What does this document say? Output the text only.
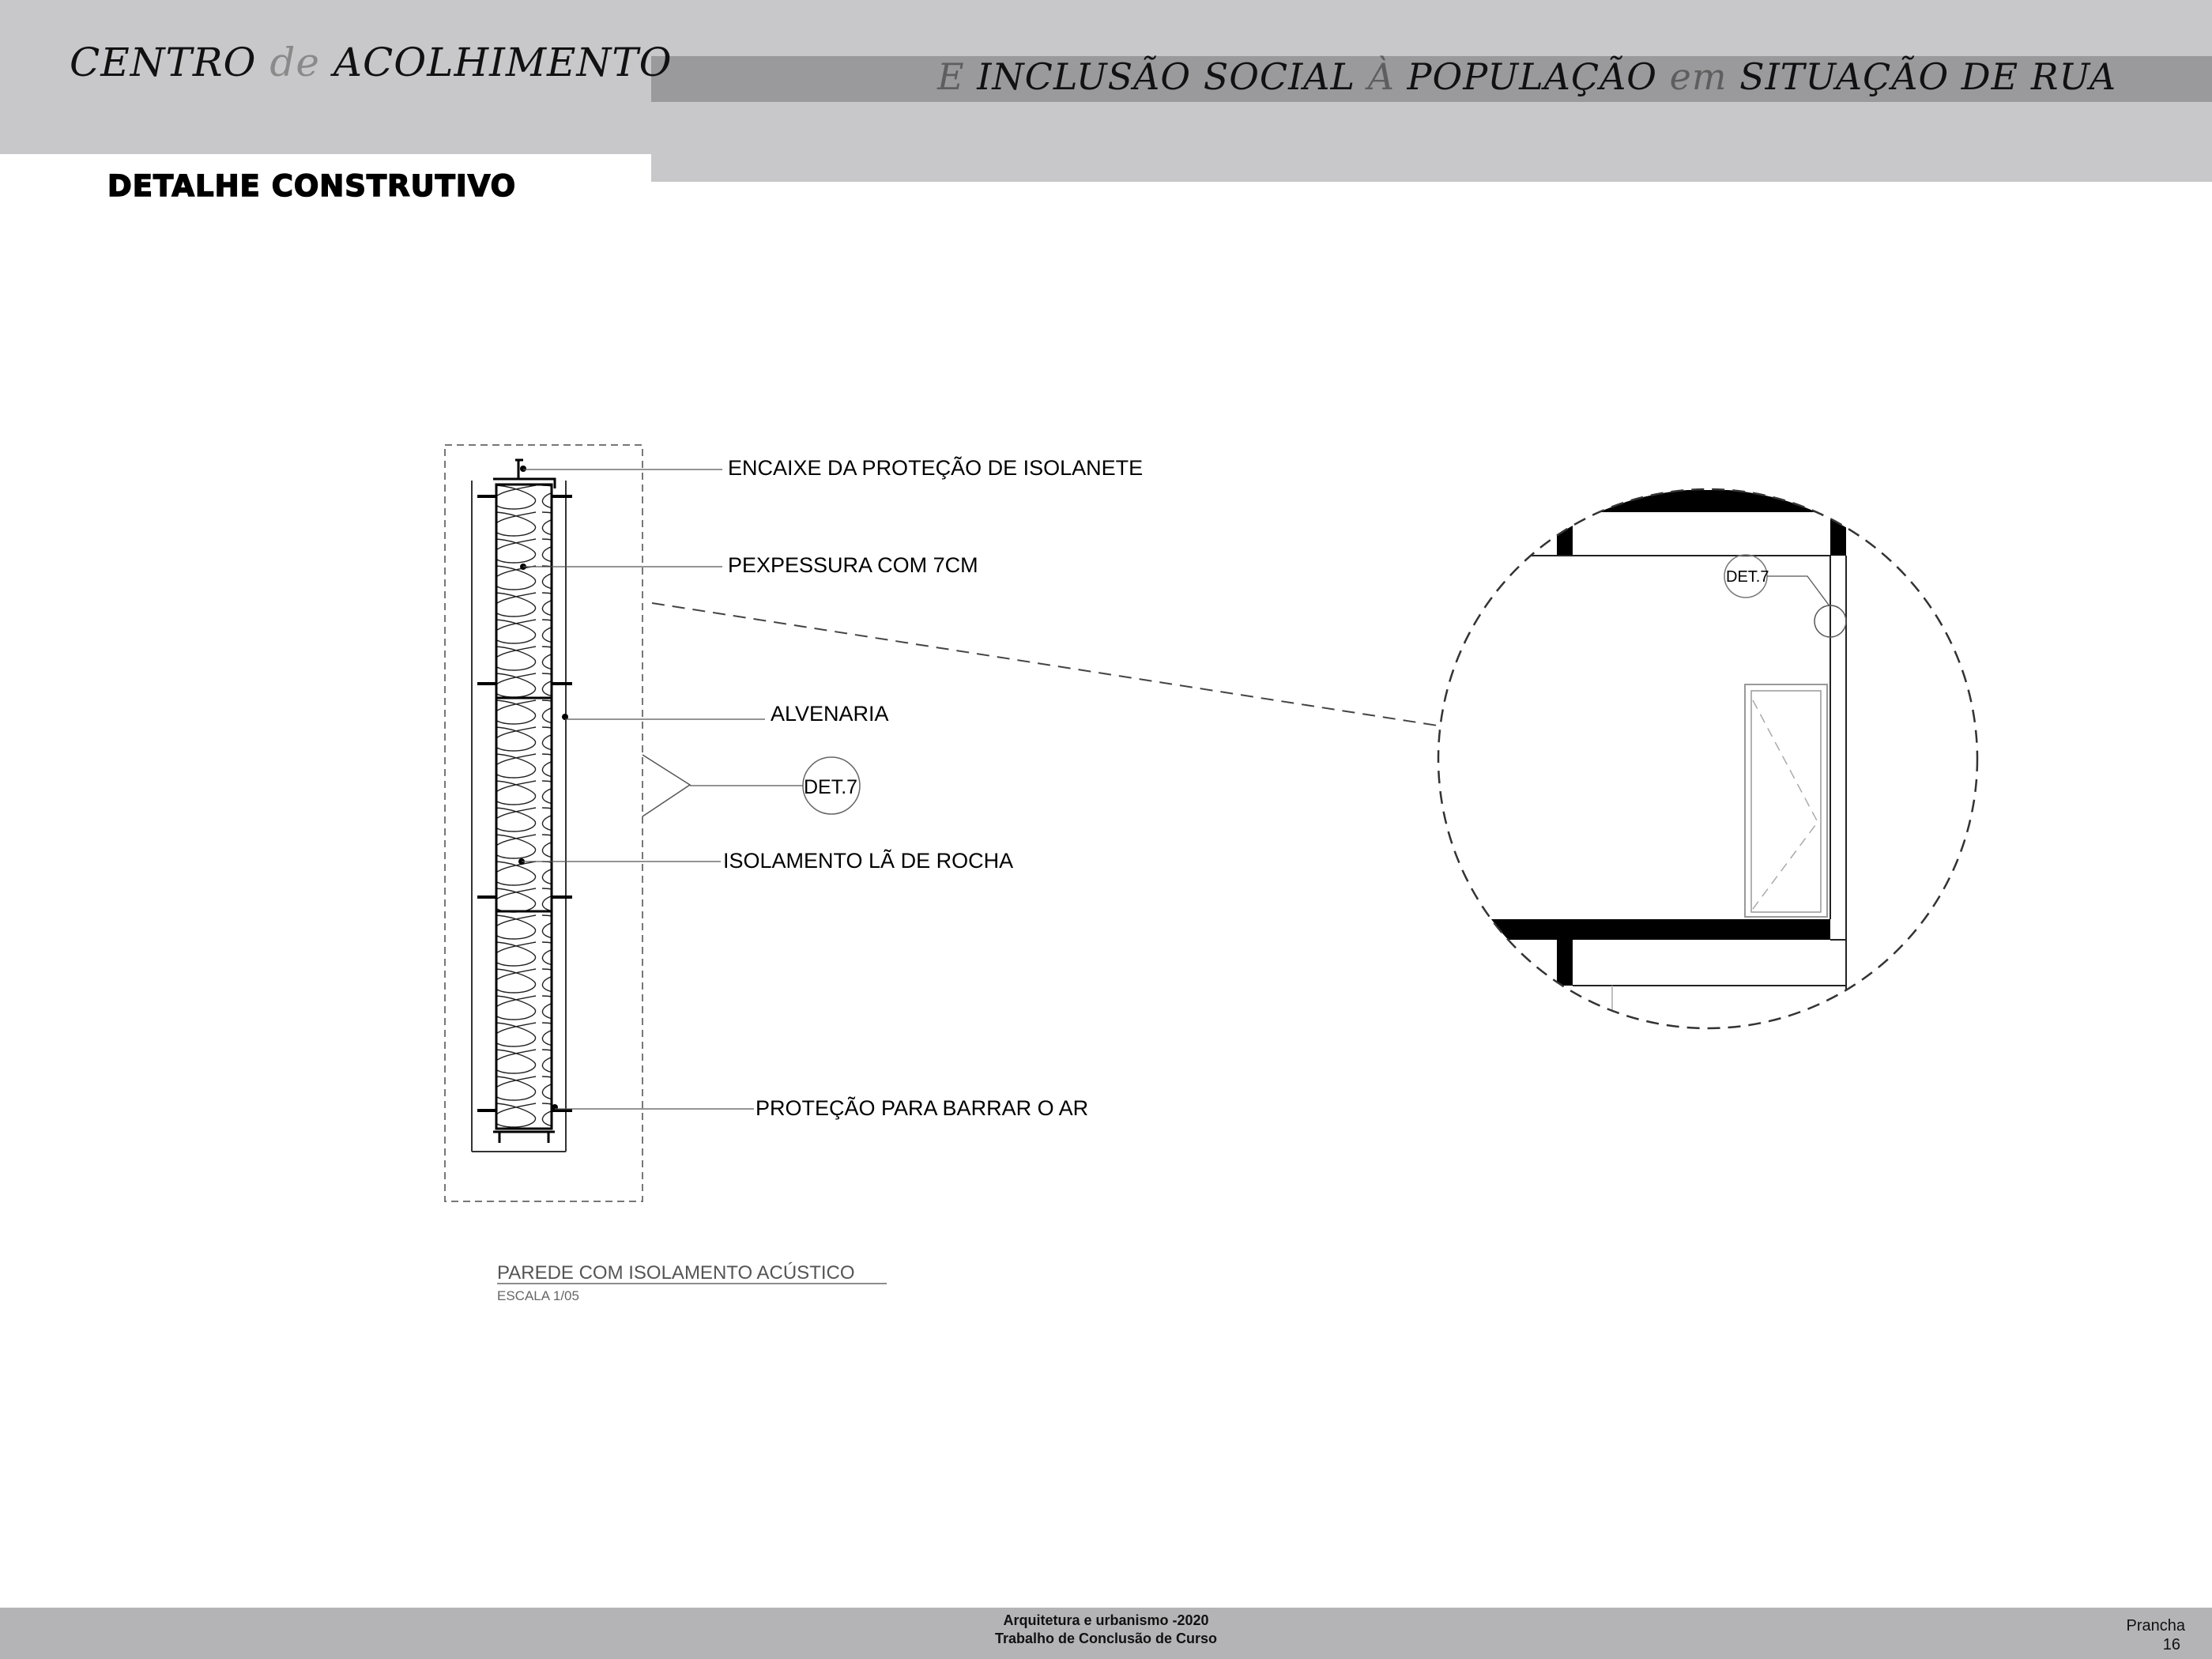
CENTRO de ACOLHIMENTO	E INCLUSÃO SOCIAL À POPULAÇÃO em SITUAÇÃO DE RUA
DETALHE CONSTRUTIVO
ENCAIXE DA PROTEÇÃO DE ISOLANETE
PEXPESSURA COM 7CM
ALVENARIA
DET.7
ISOLAMENTO LÃ DE ROCHA
PROTEÇÃO PARA BARRAR O AR
PAREDE COM ISOLAMENTO ACÚSTICO
ESCALA 1/05
DET.7
Arquitetura e urbanismo -2020
Trabalho de Conclusão de Curso
Prancha
16
